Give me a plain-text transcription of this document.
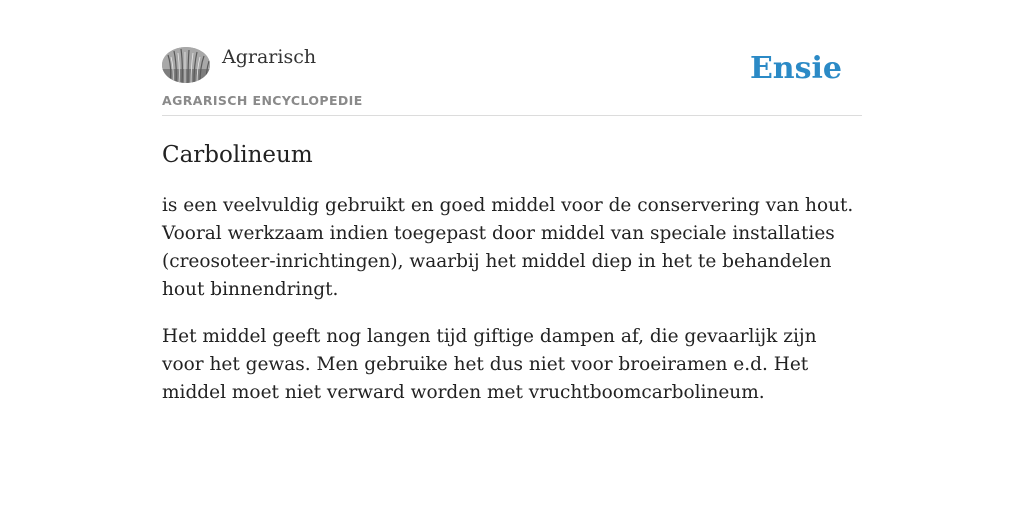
Agrarisch
AGRARISCH ENCYCLOPEDIE
Ensie
Carbolineum

is een veelvuldig gebruikt en goed middel voor de conservering van hout. Vooral werkzaam indien toegepast door middel van speciale installaties (creosoteer-inrichtingen), waarbij het middel diep in het te behandelen hout binnendringt.

Het middel geeft nog langen tijd giftige dampen af, die gevaarlijk zijn voor het gewas. Men gebruike het dus niet voor broeiramen e.d. Het middel moet niet verward worden met vruchtboomcarbolineum.
